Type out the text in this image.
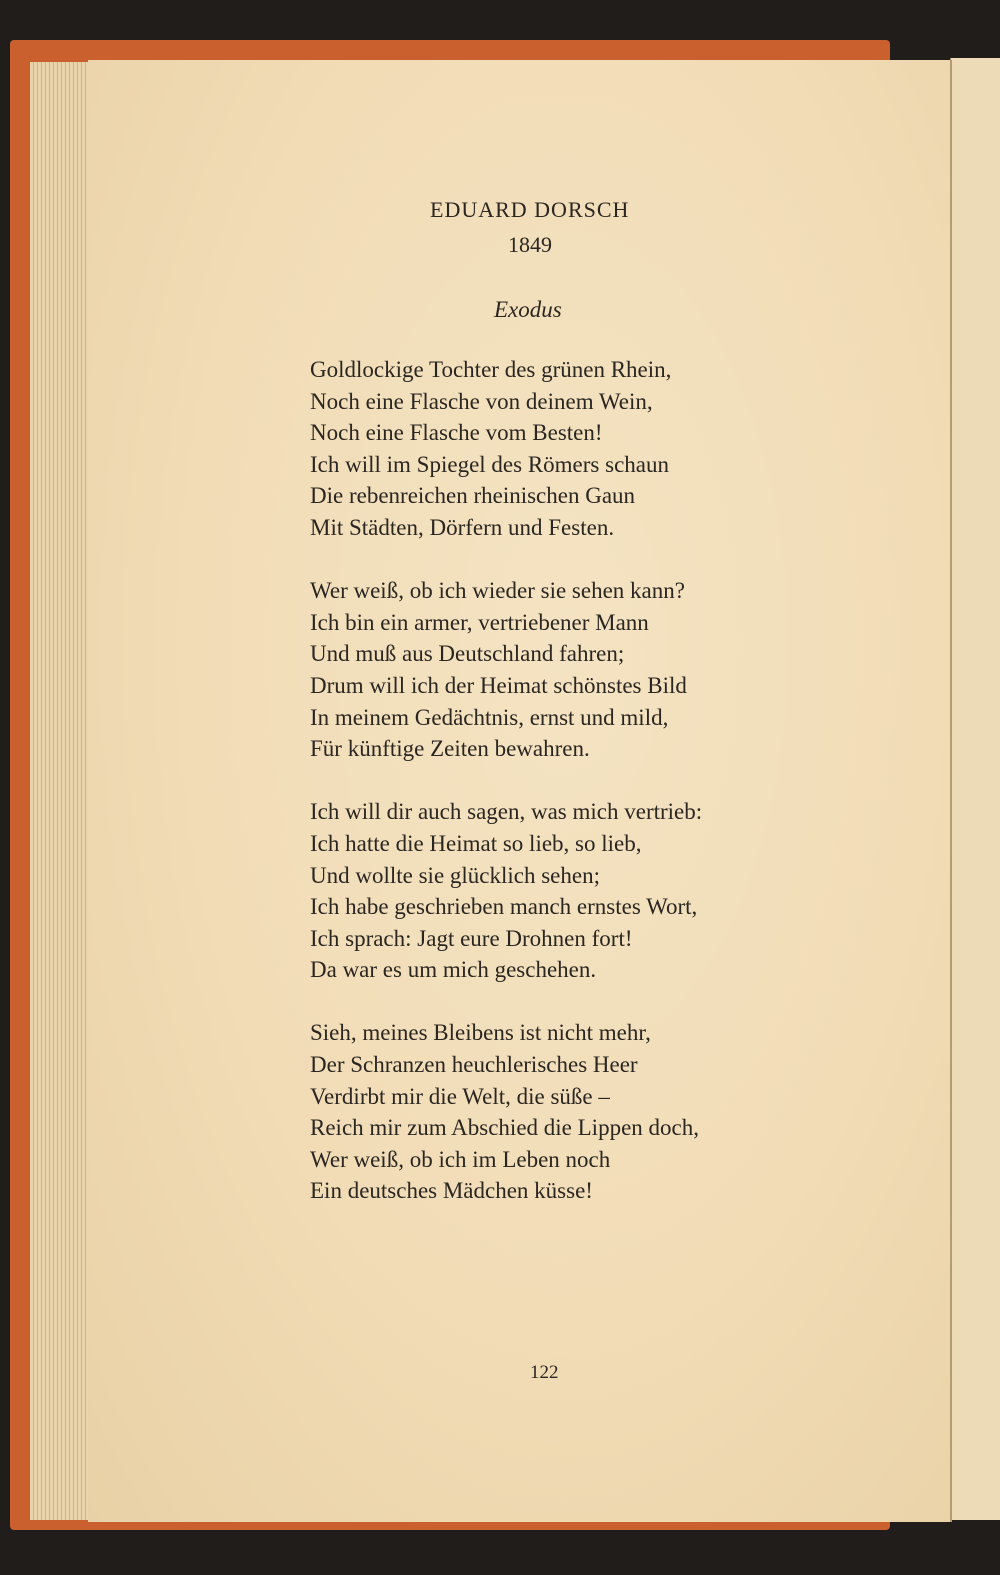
EDUARD DORSCH
1849
Exodus
Goldlockige Tochter des grünen Rhein,
Noch eine Flasche von deinem Wein,
Noch eine Flasche vom Besten!
Ich will im Spiegel des Römers schaun
Die rebenreichen rheinischen Gaun
Mit Städten, Dörfern und Festen.
Wer weiß, ob ich wieder sie sehen kann?
Ich bin ein armer, vertriebener Mann
Und muß aus Deutschland fahren;
Drum will ich der Heimat schönstes Bild
In meinem Gedächtnis, ernst und mild,
Für künftige Zeiten bewahren.
Ich will dir auch sagen, was mich vertrieb:
Ich hatte die Heimat so lieb, so lieb,
Und wollte sie glücklich sehen;
Ich habe geschrieben manch ernstes Wort,
Ich sprach: Jagt eure Drohnen fort!
Da war es um mich geschehen.
Sieh, meines Bleibens ist nicht mehr,
Der Schranzen heuchlerisches Heer
Verdirbt mir die Welt, die süße –
Reich mir zum Abschied die Lippen doch,
Wer weiß, ob ich im Leben noch
Ein deutsches Mädchen küsse!
122
